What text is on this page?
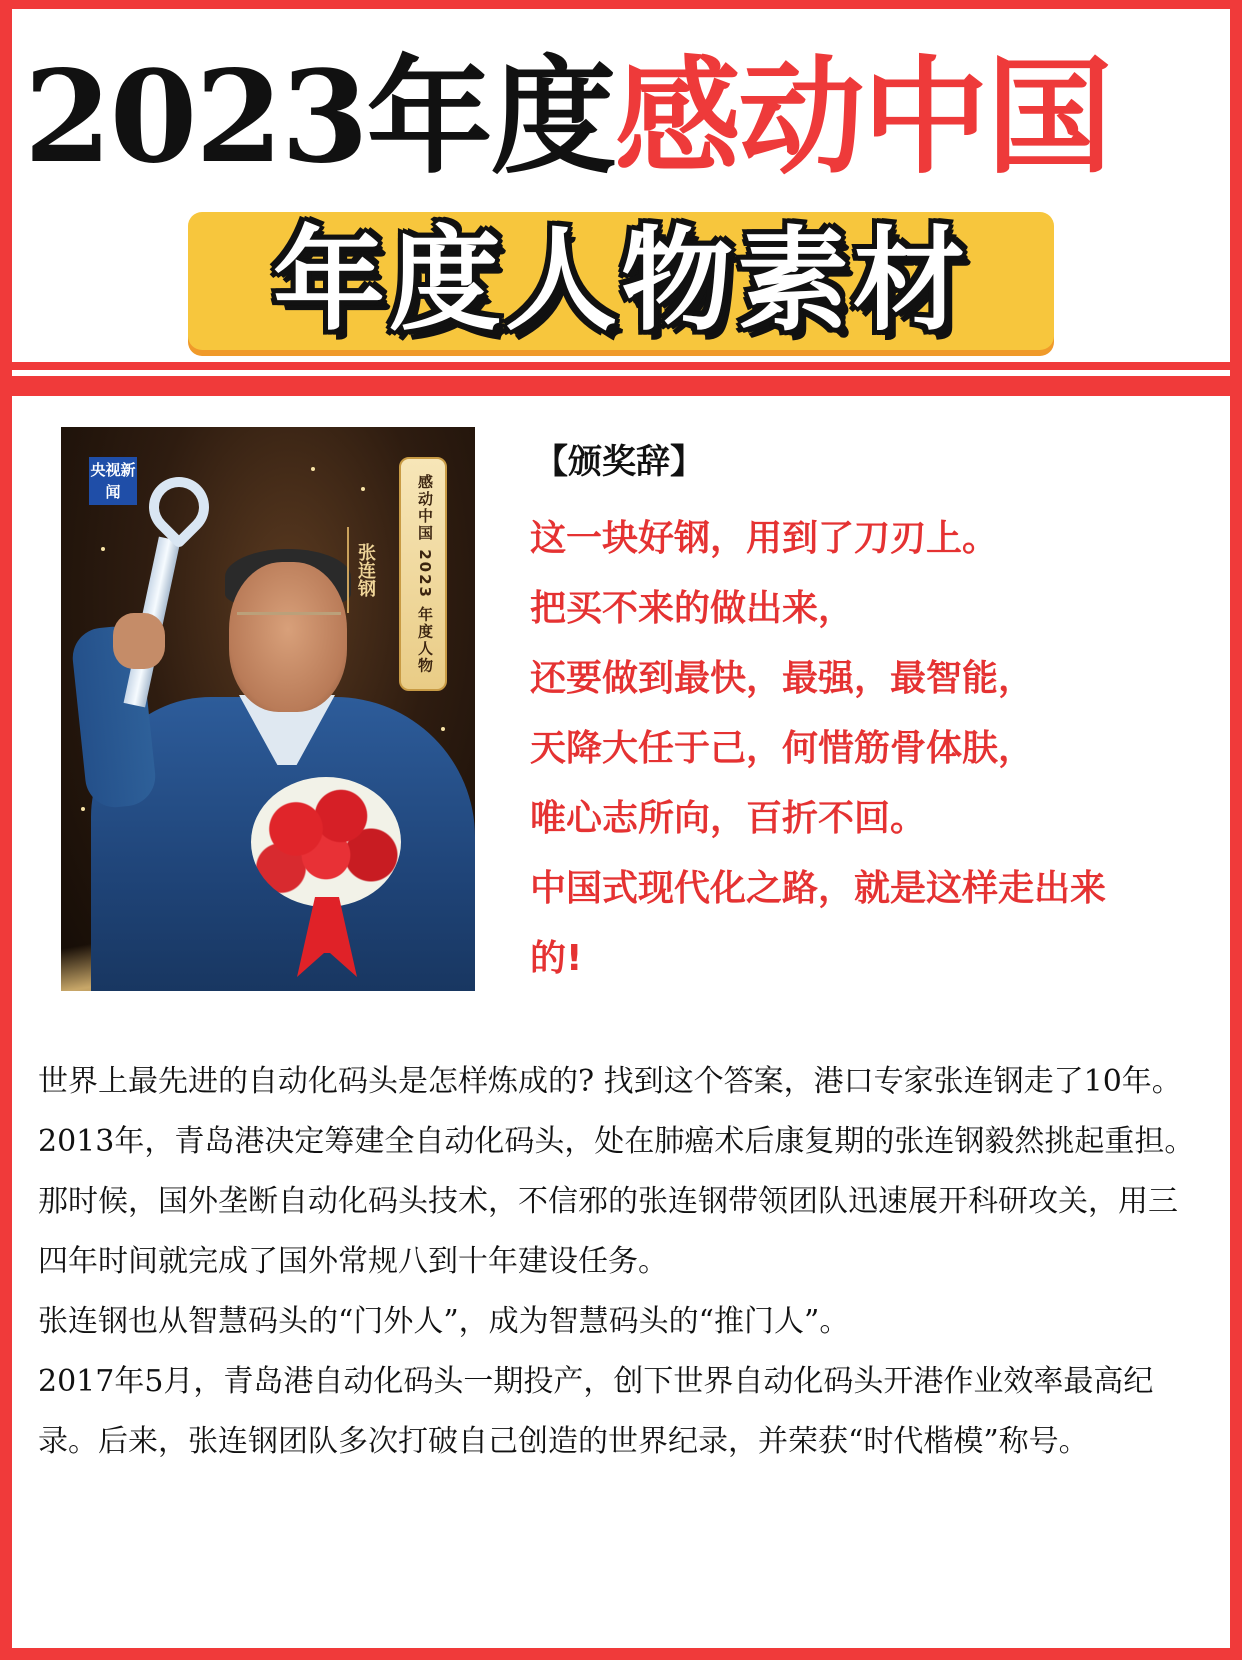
2023年度感动中国
年度人物素材
央视新闻	感动中国 2023 年度人物
张连钢
【颁奖辞】
这一块好钢，用到了刀刃上。
把买不来的做出来，
还要做到最快，最强，最智能，
天降大任于己，何惜筋骨体肤，
唯心志所向，百折不回。
中国式现代化之路，就是这样走出来
的!

世界上最先进的自动化码头是怎样炼成的? 找到这个答案，港口专家张连钢走了10年。

2013年，青岛港决定筹建全自动化码头，处在肺癌术后康复期的张连钢毅然挑起重担。那时候，国外垄断自动化码头技术，不信邪的张连钢带领团队迅速展开科研攻关，用三四年时间就完成了国外常规八到十年建设任务。

张连钢也从智慧码头的“门外人”，成为智慧码头的“推门人”。

2017年5月，青岛港自动化码头一期投产，创下世界自动化码头开港作业效率最高纪录。后来，张连钢团队多次打破自己创造的世界纪录，并荣获“时代楷模”称号。
